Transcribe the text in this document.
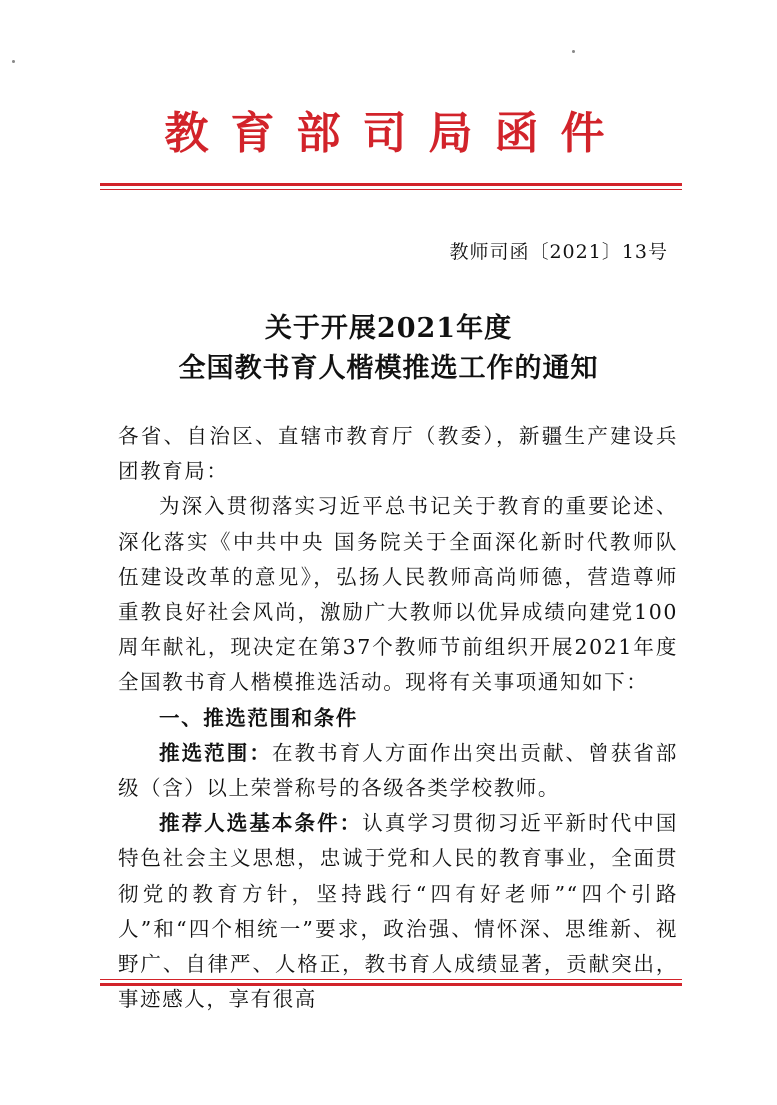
教育部司局函件
教师司函〔2021〕13号
关于开展2021年度
全国教书育人楷模推选工作的通知

各省、自治区、直辖市教育厅（教委），新疆生产建设兵团教育局：

为深入贯彻落实习近平总书记关于教育的重要论述、深化落实《中共中央 国务院关于全面深化新时代教师队伍建设改革的意见》，弘扬人民教师高尚师德，营造尊师重教良好社会风尚，激励广大教师以优异成绩向建党100周年献礼，现决定在第37个教师节前组织开展2021年度全国教书育人楷模推选活动。现将有关事项通知如下：

一、推选范围和条件

推选范围：在教书育人方面作出突出贡献、曾获省部级（含）以上荣誉称号的各级各类学校教师。

推荐人选基本条件：认真学习贯彻习近平新时代中国特色社会主义思想，忠诚于党和人民的教育事业，全面贯彻党的教育方针，坚持践行“四有好老师”“四个引路人”和“四个相统一”要求，政治强、情怀深、思维新、视野广、自律严、人格正，教书育人成绩显著，贡献突出，事迹感人，享有很高
